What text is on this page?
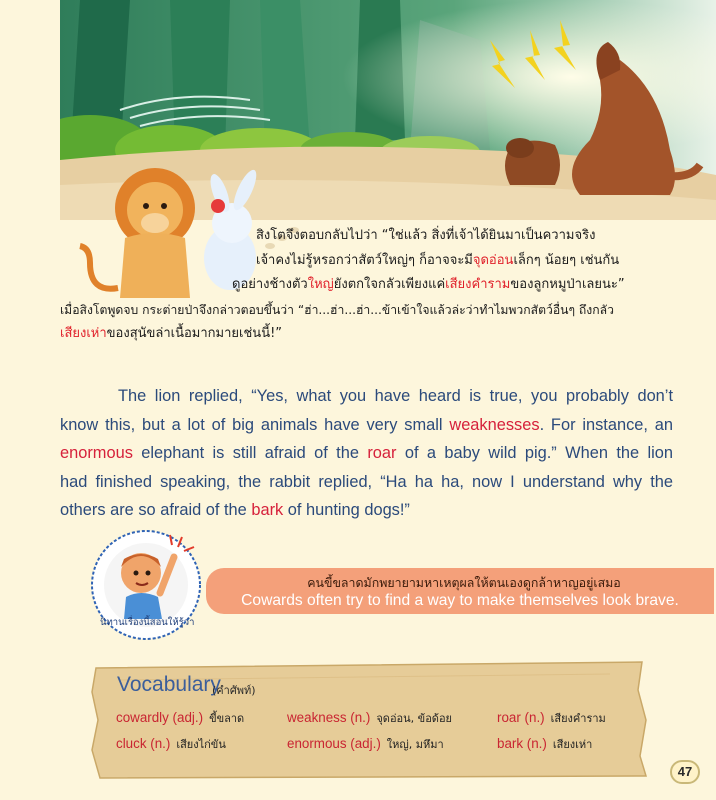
สิงโตจึงตอบกลับไปว่า “ใช่แล้ว สิ่งที่เจ้าได้ยินมาเป็นความจริง
เจ้าคงไม่รู้หรอกว่าสัตว์ใหญ่ๆ ก็อาจจะมีจุดอ่อนเล็กๆ น้อยๆ เช่นกัน
ดูอย่างช้างตัวใหญ่ยังตกใจกลัวเพียงแค่เสียงคำรามของลูกหมูป่าเลยนะ”
เมื่อสิงโตพูดจบ กระต่ายป่าจึงกล่าวตอบขึ้นว่า “ฮ่า...ฮ่า...ฮ่า...ข้าเข้าใจแล้วล่ะว่าทำไมพวกสัตว์อื่นๆ ถึงกลัว
เสียงเห่าของสุนัขล่าเนื้อมากมายเช่นนี้!”
The lion replied, “Yes, what you have heard is true, you probably don’t
know this, but a lot of big animals have very small weaknesses. For instance, an
enormous elephant is still afraid of the roar of a baby wild pig.” When the lion
had finished speaking, the rabbit replied, “Ha ha ha, now I understand why the
others are so afraid of the bark of hunting dogs!”
นิทานเรื่องนี้สอนให้รู้ว่า
คนขี้ขลาดมักพยายามหาเหตุผลให้ตนเองดูกล้าหาญอยู่เสมอ
Cowards often try to find a way to make themselves look brave.
Vocabulary
(คำศัพท์)
cowardly (adj.) ขี้ขลาด	weakness (n.) จุดอ่อน, ข้อด้อย	roar (n.) เสียงคำราม
cluck (n.) เสียงไก่ขัน	enormous (adj.) ใหญ่, มหึมา	bark (n.) เสียงเห่า
47
